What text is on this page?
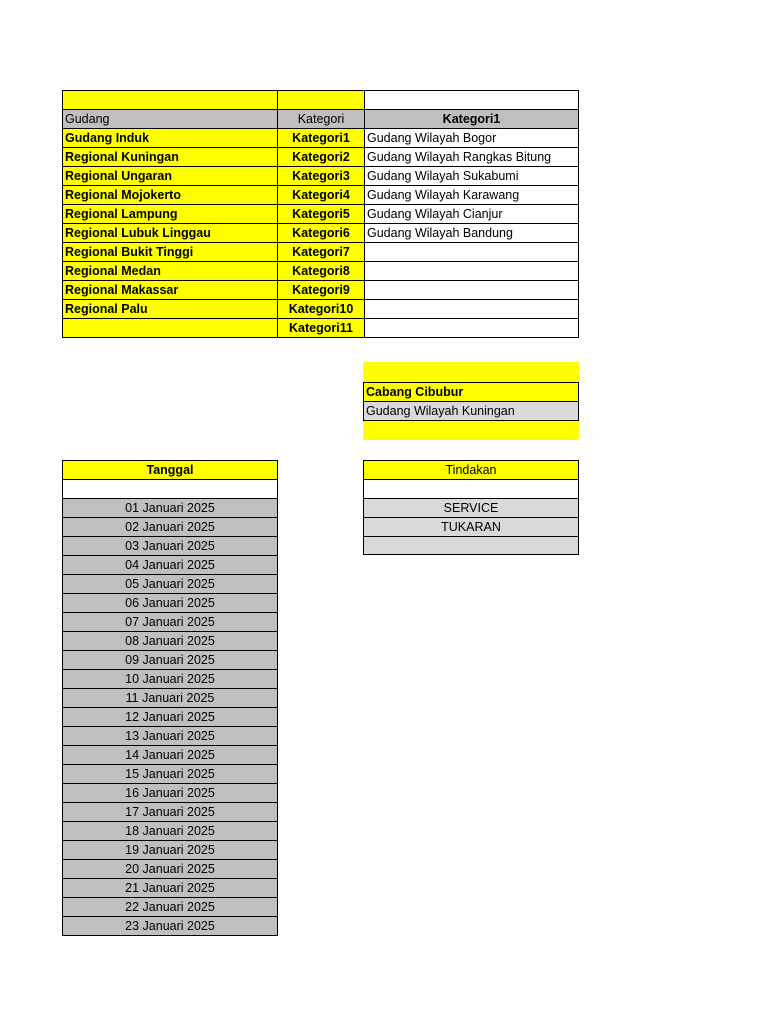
Gudang	Kategori	Kategori1
Gudang Induk	Kategori1	Gudang Wilayah Bogor
Regional Kuningan	Kategori2	Gudang Wilayah Rangkas Bitung
Regional Ungaran	Kategori3	Gudang Wilayah Sukabumi
Regional Mojokerto	Kategori4	Gudang Wilayah Karawang
Regional Lampung	Kategori5	Gudang Wilayah Cianjur
Regional Lubuk Linggau	Kategori6	Gudang Wilayah Bandung
Regional Bukit Tinggi	Kategori7	
Regional Medan	Kategori8	
Regional Makassar	Kategori9	
Regional Palu	Kategori10	
	Kategori11	

Cabang Cibubur
Gudang Wilayah Kuningan

Tanggal

01 Januari 2025
02 Januari 2025
03 Januari 2025
04 Januari 2025
05 Januari 2025
06 Januari 2025
07 Januari 2025
08 Januari 2025
09 Januari 2025
10 Januari 2025
11 Januari 2025
12 Januari 2025
13 Januari 2025
14 Januari 2025
15 Januari 2025
16 Januari 2025
17 Januari 2025
18 Januari 2025
19 Januari 2025
20 Januari 2025
21 Januari 2025
22 Januari 2025
23 Januari 2025
Tindakan

SERVICE
TUKARAN
